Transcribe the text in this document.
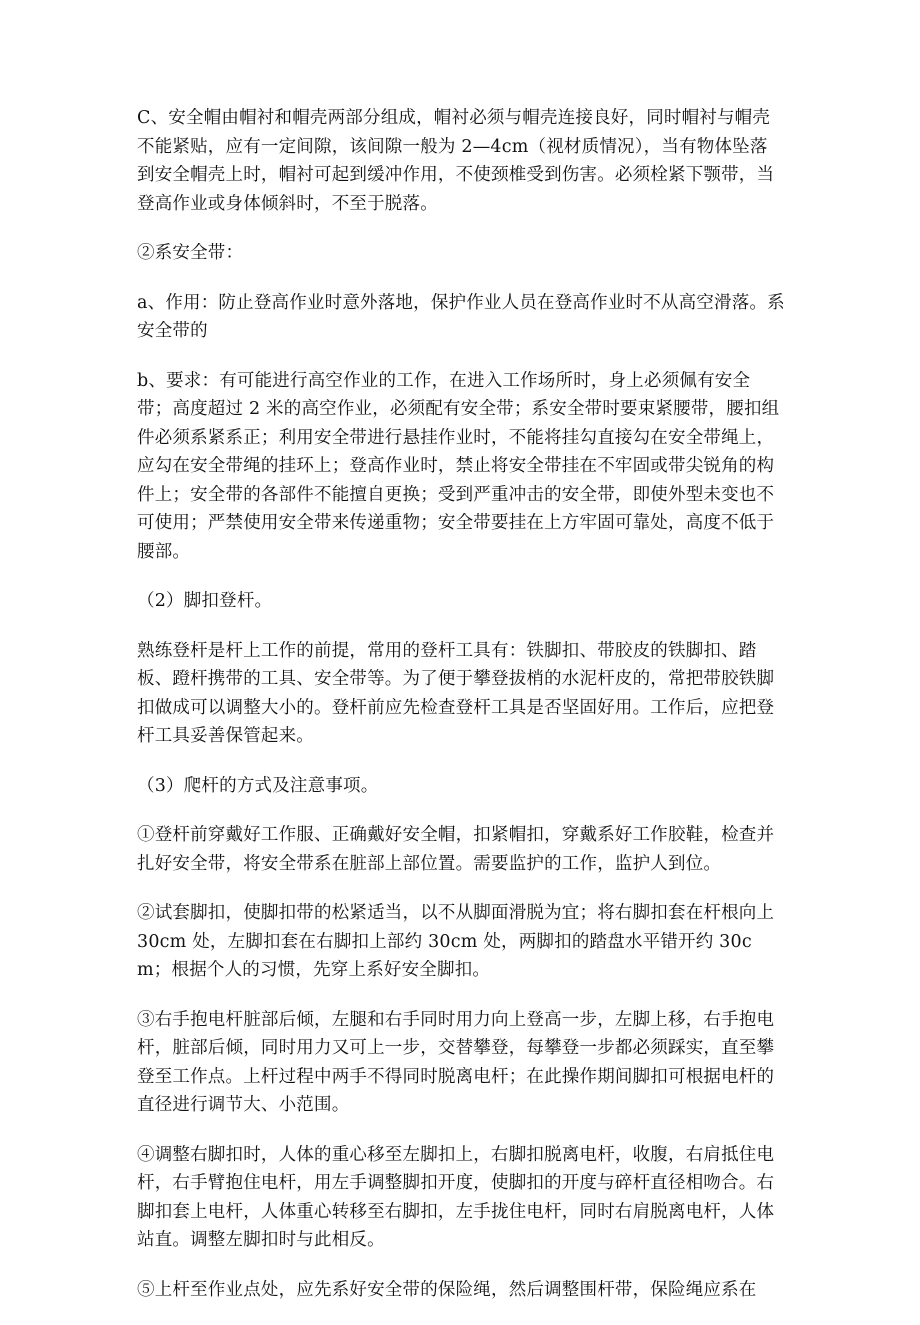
C、安全帽由帽衬和帽壳两部分组成，帽衬必须与帽壳连接良好，同时帽衬与帽壳不能紧贴，应有一定间隙，该间隙一般为 2—4cm（视材质情况），当有物体坠落到安全帽壳上时，帽衬可起到缓冲作用，不使颈椎受到伤害。必须栓紧下颚带，当登高作业或身体倾斜时，不至于脱落。

②系安全带：

a、作用：防止登高作业时意外落地，保护作业人员在登高作业时不从高空滑落。系安全带的

b、要求：有可能进行高空作业的工作，在进入工作场所时，身上必须佩有安全带；高度超过 2 米的高空作业，必须配有安全带；系安全带时要束紧腰带，腰扣组件必须系紧系正；利用安全带进行悬挂作业时，不能将挂勾直接勾在安全带绳上，应勾在安全带绳的挂环上；登高作业时，禁止将安全带挂在不牢固或带尖锐角的构件上；安全带的各部件不能擅自更换；受到严重冲击的安全带，即使外型未变也不可使用；严禁使用安全带来传递重物；安全带要挂在上方牢固可靠处，高度不低于腰部。

（2）脚扣登杆。

熟练登杆是杆上工作的前提，常用的登杆工具有：铁脚扣、带胶皮的铁脚扣、踏板、蹬杆携带的工具、安全带等。为了便于攀登拔梢的水泥杆皮的，常把带胶铁脚扣做成可以调整大小的。登杆前应先检查登杆工具是否坚固好用。工作后，应把登杆工具妥善保管起来。

（3）爬杆的方式及注意事项。

①登杆前穿戴好工作服、正确戴好安全帽，扣紧帽扣，穿戴系好工作胶鞋，检查并扎好安全带，将安全带系在脏部上部位置。需要监护的工作，监护人到位。

②试套脚扣，使脚扣带的松紧适当，以不从脚面滑脱为宜；将右脚扣套在杆根向上 30cm 处，左脚扣套在右脚扣上部约 30cm 处，两脚扣的踏盘水平错开约 30cm；根据个人的习惯，先穿上系好安全脚扣。

③右手抱电杆脏部后倾，左腿和右手同时用力向上登高一步，左脚上移，右手抱电杆，脏部后倾，同时用力又可上一步，交替攀登，每攀登一步都必须踩实，直至攀登至工作点。上杆过程中两手不得同时脱离电杆；在此操作期间脚扣可根据电杆的直径进行调节大、小范围。

④调整右脚扣时，人体的重心移至左脚扣上，右脚扣脱离电杆，收腹，右肩抵住电杆，右手臂抱住电杆，用左手调整脚扣开度，使脚扣的开度与碎杆直径相吻合。右脚扣套上电杆，人体重心转移至右脚扣，左手拢住电杆，同时右肩脱离电杆，人体站直。调整左脚扣时与此相反。

⑤上杆至作业点处，应先系好安全带的保险绳，然后调整围杆带，保险绳应系在
